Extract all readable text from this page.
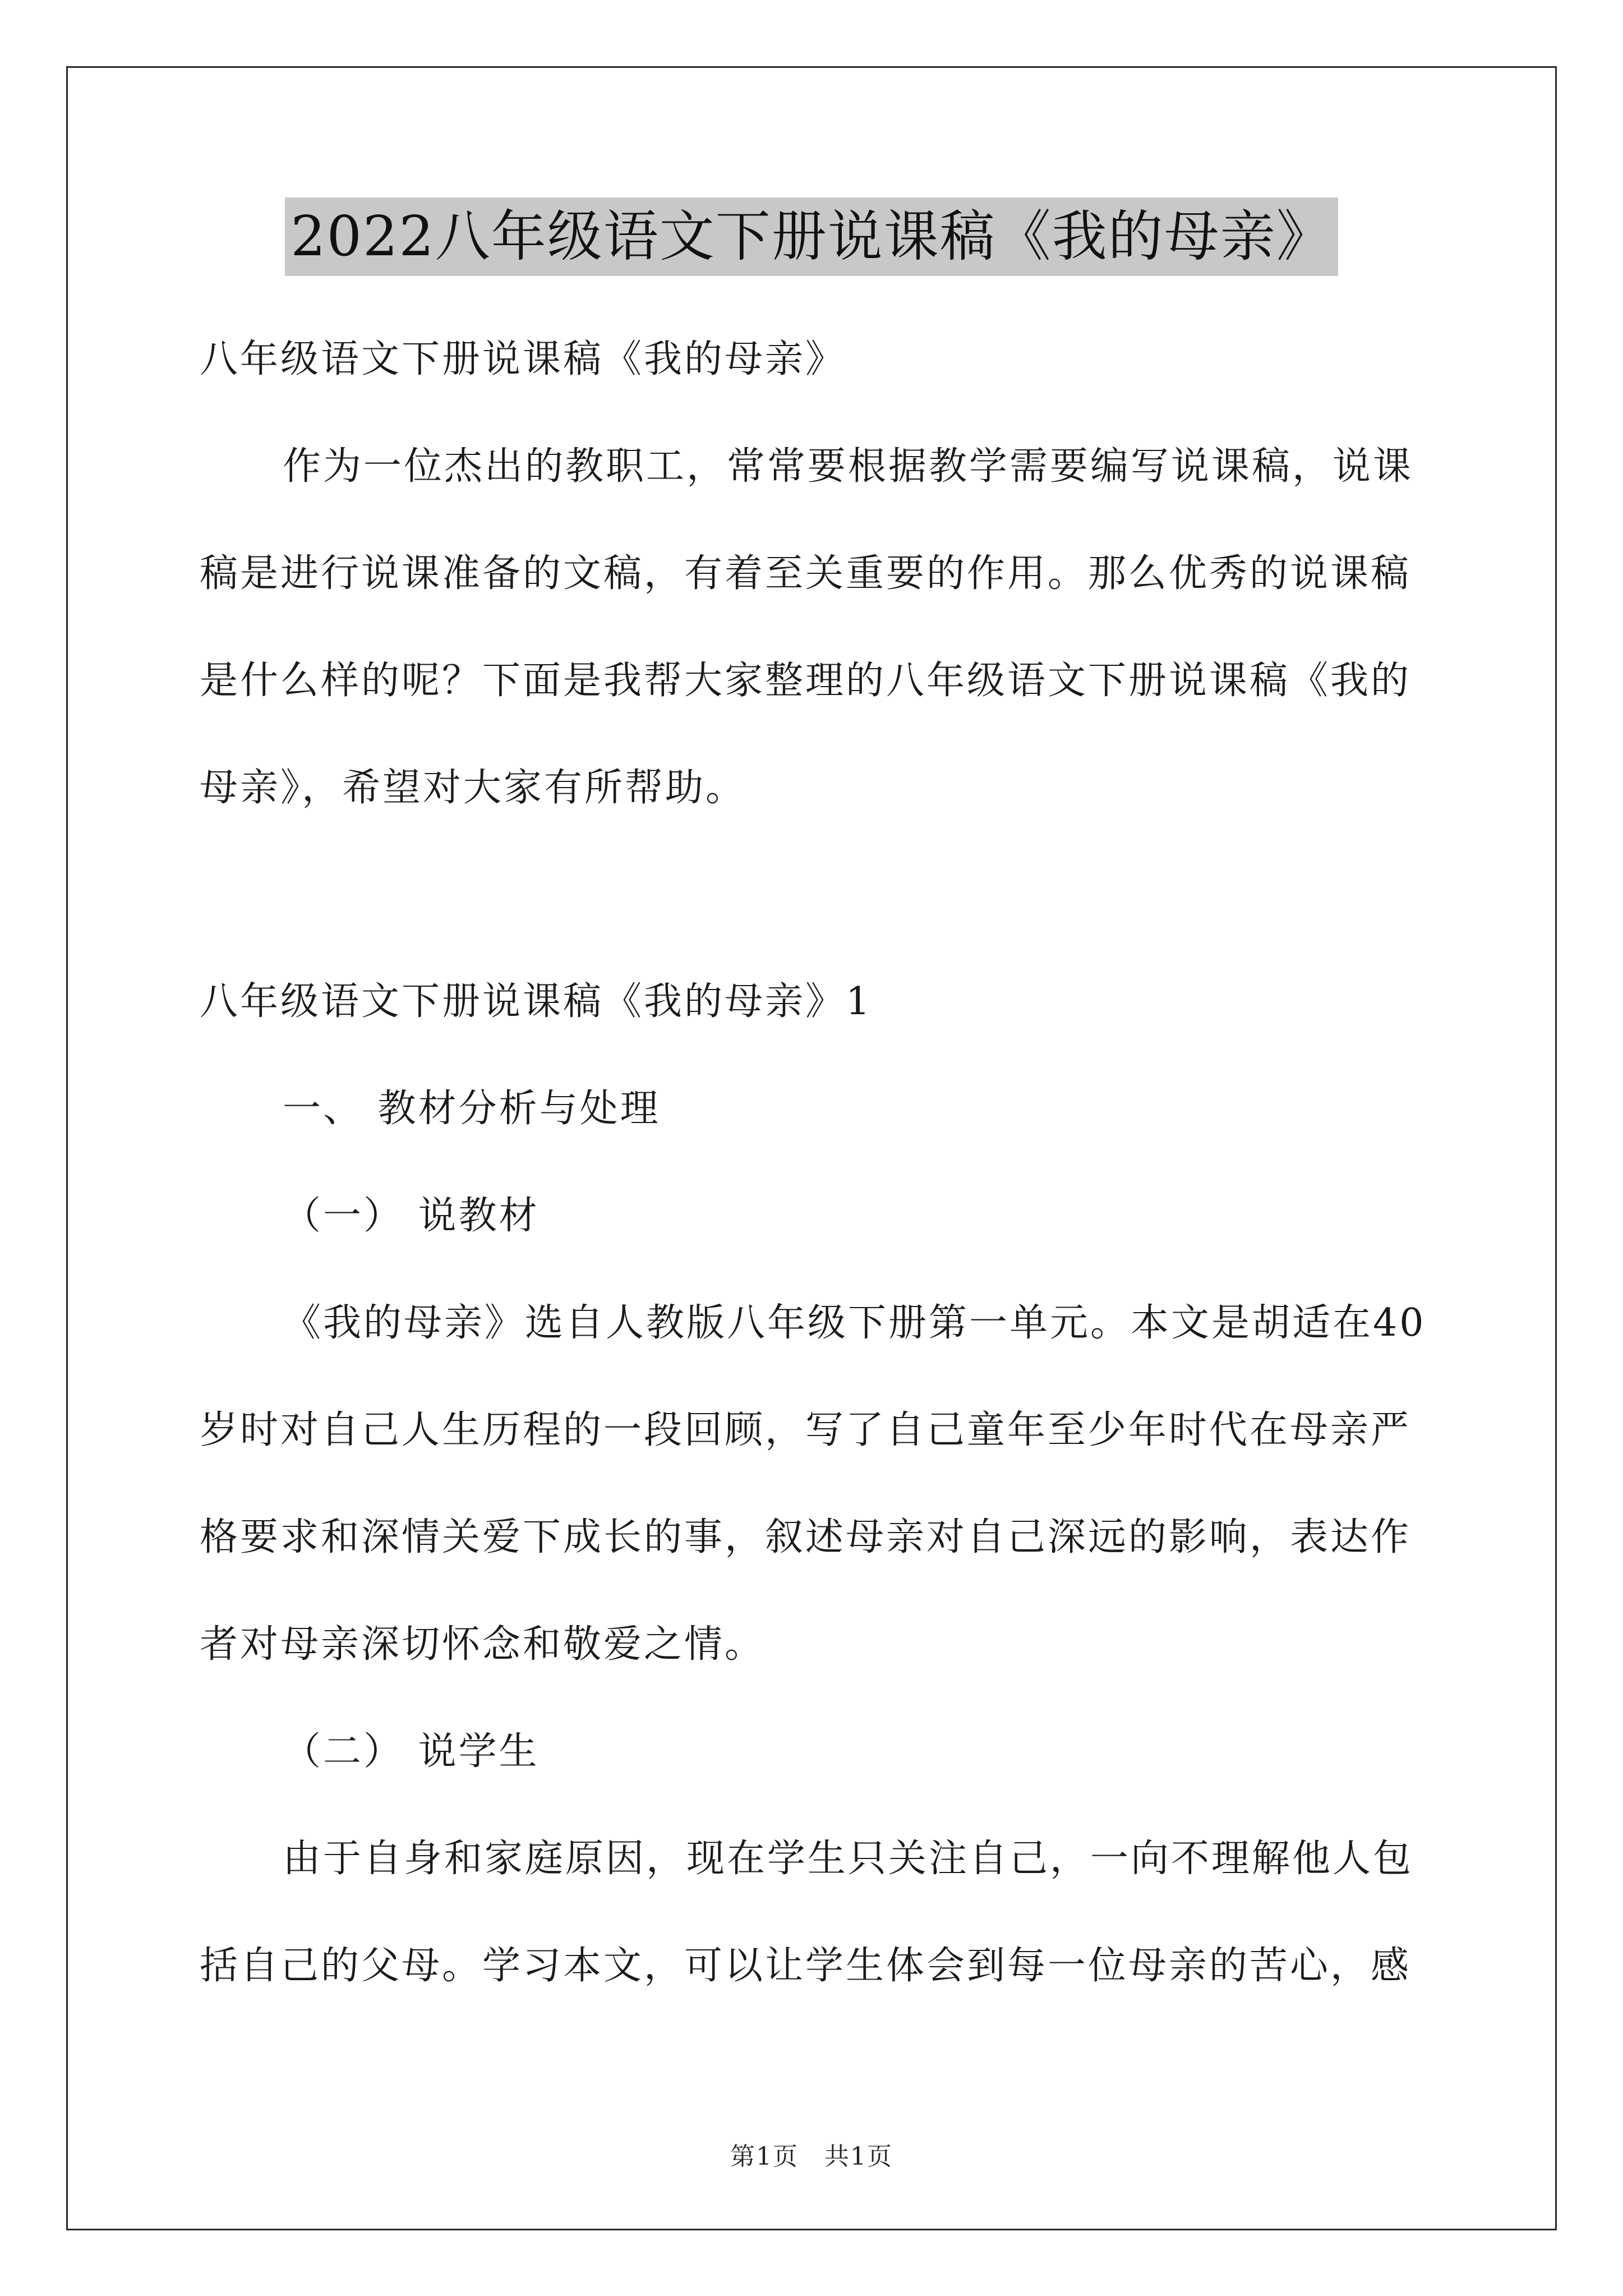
2022八年级语文下册说课稿《我的母亲》
八年级语文下册说课稿《我的母亲》
作为一位杰出的教职工，常常要根据教学需要编写说课稿，说课
稿是进行说课准备的文稿，有着至关重要的作用。那么优秀的说课稿
是什么样的呢？下面是我帮大家整理的八年级语文下册说课稿《我的
母亲》，希望对大家有所帮助。
八年级语文下册说课稿《我的母亲》1
一、 教材分析与处理
（一） 说教材
《我的母亲》选自人教版八年级下册第一单元。本文是胡适在40
岁时对自己人生历程的一段回顾，写了自己童年至少年时代在母亲严
格要求和深情关爱下成长的事，叙述母亲对自己深远的影响，表达作
者对母亲深切怀念和敬爱之情。
（二） 说学生
由于自身和家庭原因，现在学生只关注自己，一向不理解他人包
括自己的父母。学习本文，可以让学生体会到每一位母亲的苦心，感
第1页　共1页
